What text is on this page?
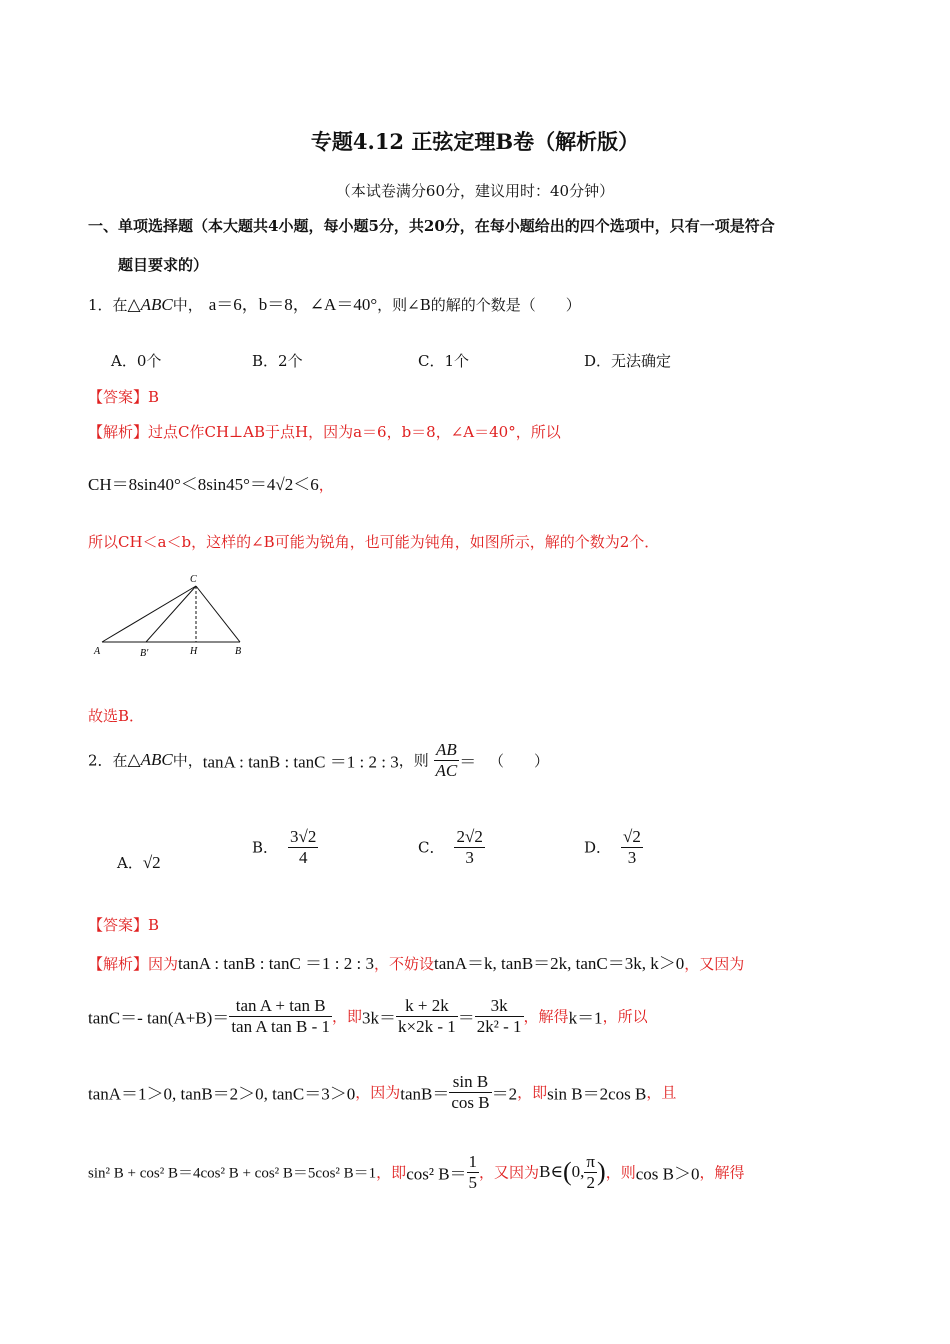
专题4.12 正弦定理B卷（解析版）
（本试卷满分60分，建议用时：40分钟）
一、单项选择题（本大题共4小题，每小题5分，共20分，在每小题给出的四个选项中，只有一项是符合
题目要求的）
1．在△ABC中， a＝6，b＝8，∠A＝40°，则∠B的解的个数是（　　）
A．0个	B．2个	C．1个	D．无法确定
【答案】B
【解析】过点C作CH⊥AB于点H，因为a＝6，b＝8，∠A＝40°，所以
CH＝8sin40°＜8sin45°＝4√2＜6，
所以CH＜a＜b，这样的∠B可能为锐角，也可能为钝角，如图所示，解的个数为2个．
C
A	B′	H	B
故选B．
2．在△ABC中，tanA : tanB : tanC ＝1 : 2 : 3，则 $\frac{AB}{AC}$ ＝ （　　）
A．√2
B． $\frac{3√2}{4}$	C． $\frac{2√2}{3}$	D． $\frac{√2}{3}$
【答案】B
【解析】因为tanA : tanB : tanC ＝1 : 2 : 3，不妨设tanA＝k, tanB＝2k, tanC＝3k, k＞0，又因为
tanC＝- $\tan(A+B)= \frac{\text{tan A + tan B}}{\text{tan A tan B - 1}}$ ，即$3k= \frac{k + 2k}{k\times 2k - 1} = \frac{3k}{\text{2k² - 1}}$ ，解得k＝1，所以
tanA＝1＞0, tanB＝2＞0, tanC＝3＞0，因为$\tan B= \frac{\text{sin B}}{\text{cos B}} =2$，即sin B＝2cos B，且
sin² B + cos² B＝4cos² B + cos² B＝5cos² B＝1，即cos² $B= \frac{1}{5}$ ，又因为B∈(0, $\frac{\pi}{2}$ )，则cos B＞0，解得
